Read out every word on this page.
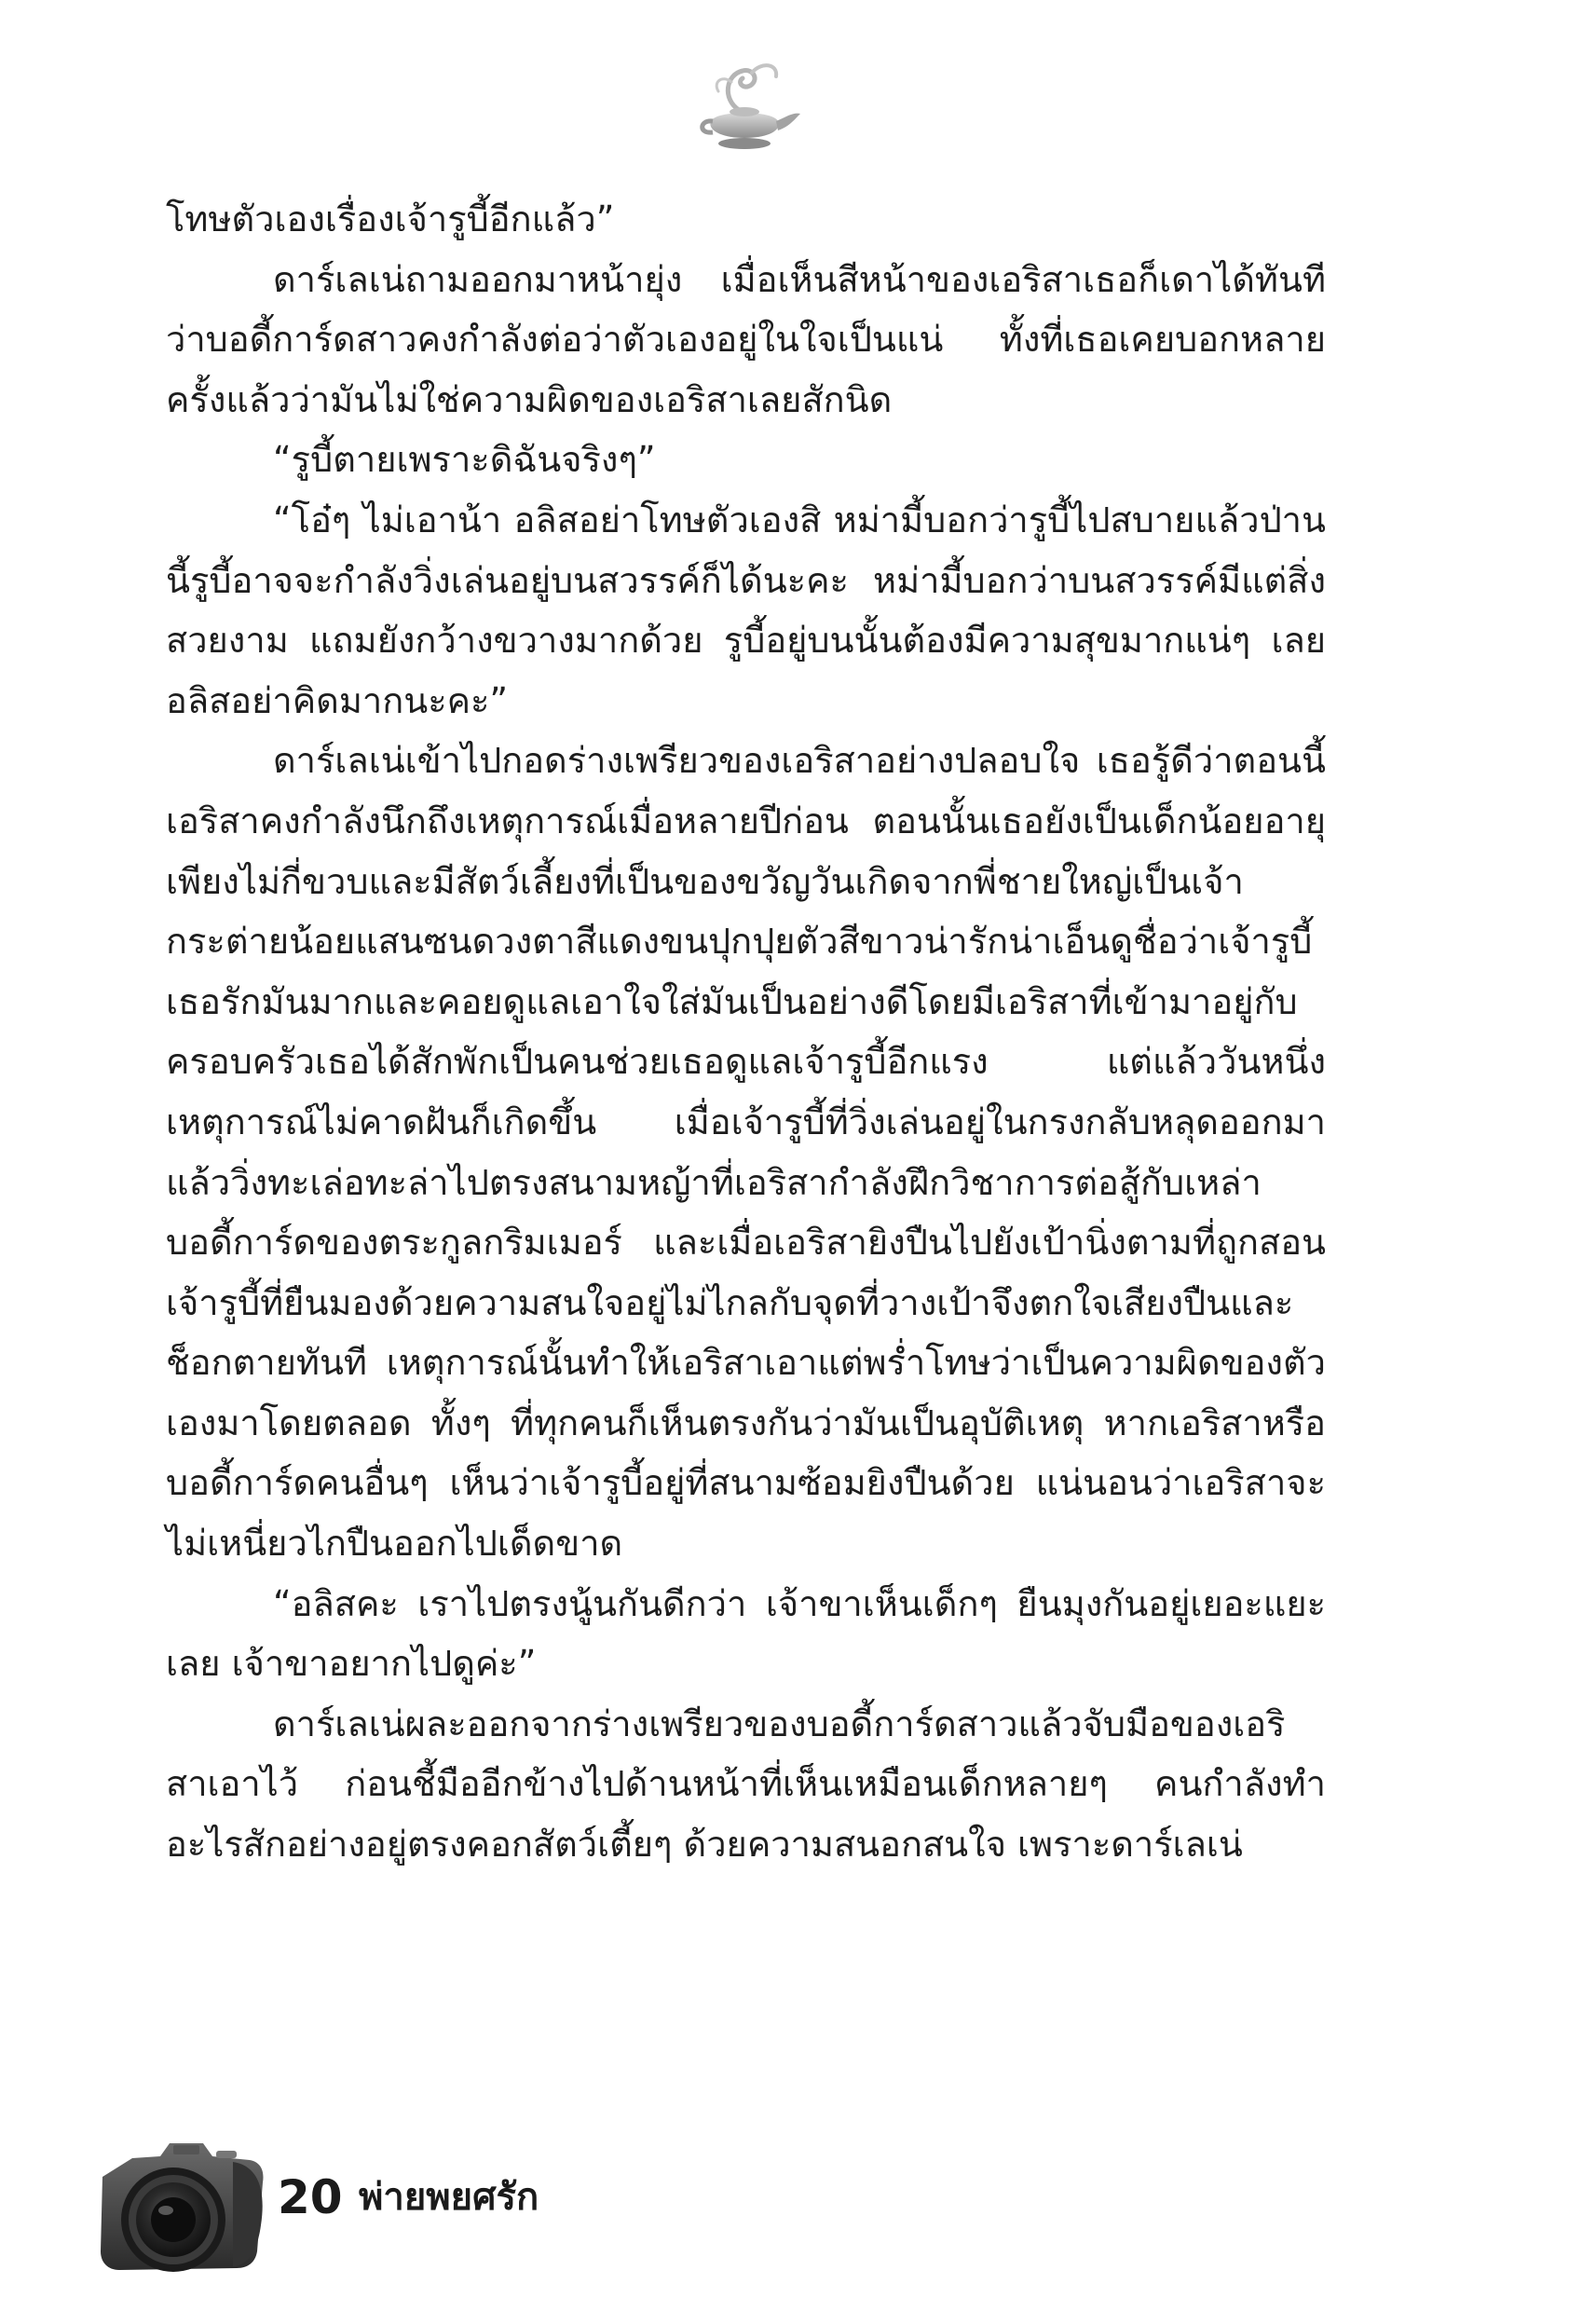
โทษตัวเองเรื่องเจ้ารูบี้อีกแล้ว”

ดาร์เลเน่ถามออกมาหน้ายุ่ง เมื่อเห็นสีหน้าของเอริสาเธอก็เดาได้ทันทีว่าบอดี้การ์ดสาวคงกำลังต่อว่าตัวเองอยู่ในใจเป็นแน่ ทั้งที่เธอเคยบอกหลายครั้งแล้วว่ามันไม่ใช่ความผิดของเอริสาเลยสักนิด

“รูบี้ตายเพราะดิฉันจริงๆ”

“โอ๋ๆ ไม่เอาน้า อลิสอย่าโทษตัวเองสิ หม่ามี้บอกว่ารูบี้ไปสบายแล้วป่านนี้รูบี้อาจจะกำลังวิ่งเล่นอยู่บนสวรรค์ก็ได้นะคะ หม่ามี้บอกว่าบนสวรรค์มีแต่สิ่งสวยงาม แถมยังกว้างขวางมากด้วย รูบี้อยู่บนนั้นต้องมีความสุขมากแน่ๆ เลย อลิสอย่าคิดมากนะคะ”

ดาร์เลเน่เข้าไปกอดร่างเพรียวของเอริสาอย่างปลอบใจ เธอรู้ดีว่าตอนนี้เอริสาคงกำลังนึกถึงเหตุการณ์เมื่อหลายปีก่อน ตอนนั้นเธอยังเป็นเด็กน้อยอายุเพียงไม่กี่ขวบและมีสัตว์เลี้ยงที่เป็นของขวัญวันเกิดจากพี่ชายใหญ่เป็นเจ้ากระต่ายน้อยแสนซนดวงตาสีแดงขนปุกปุยตัวสีขาวน่ารักน่าเอ็นดูชื่อว่าเจ้ารูบี้ เธอรักมันมากและคอยดูแลเอาใจใส่มันเป็นอย่างดีโดยมีเอริสาที่เข้ามาอยู่กับครอบครัวเธอได้สักพักเป็นคนช่วยเธอดูแลเจ้ารูบี้อีกแรง แต่แล้ววันหนึ่งเหตุการณ์ไม่คาดฝันก็เกิดขึ้น เมื่อเจ้ารูบี้ที่วิ่งเล่นอยู่ในกรงกลับหลุดออกมา แล้ววิ่งทะเล่อทะล่าไปตรงสนามหญ้าที่เอริสากำลังฝึกวิชาการต่อสู้กับเหล่าบอดี้การ์ดของตระกูลกริมเมอร์ และเมื่อเอริสายิงปืนไปยังเป้านิ่งตามที่ถูกสอน เจ้ารูบี้ที่ยืนมองด้วยความสนใจอยู่ไม่ไกลกับจุดที่วางเป้าจึงตกใจเสียงปืนและช็อกตายทันที เหตุการณ์นั้นทำให้เอริสาเอาแต่พร่ำโทษว่าเป็นความผิดของตัวเองมาโดยตลอด ทั้งๆ ที่ทุกคนก็เห็นตรงกันว่ามันเป็นอุบัติเหตุ หากเอริสาหรือบอดี้การ์ดคนอื่นๆ เห็นว่าเจ้ารูบี้อยู่ที่สนามซ้อมยิงปืนด้วย แน่นอนว่าเอริสาจะไม่เหนี่ยวไกปืนออกไปเด็ดขาด

“อลิสคะ เราไปตรงนู้นกันดีกว่า เจ้าขาเห็นเด็กๆ ยืนมุงกันอยู่เยอะแยะเลย เจ้าขาอยากไปดูค่ะ”

ดาร์เลเน่ผละออกจากร่างเพรียวของบอดี้การ์ดสาวแล้วจับมือของเอริสาเอาไว้ ก่อนชี้มืออีกข้างไปด้านหน้าที่เห็นเหมือนเด็กหลายๆ คนกำลังทำอะไรสักอย่างอยู่ตรงคอกสัตว์เตี้ยๆ ด้วยความสนอกสนใจ เพราะดาร์เลเน่

20 พ่ายพยศรัก
